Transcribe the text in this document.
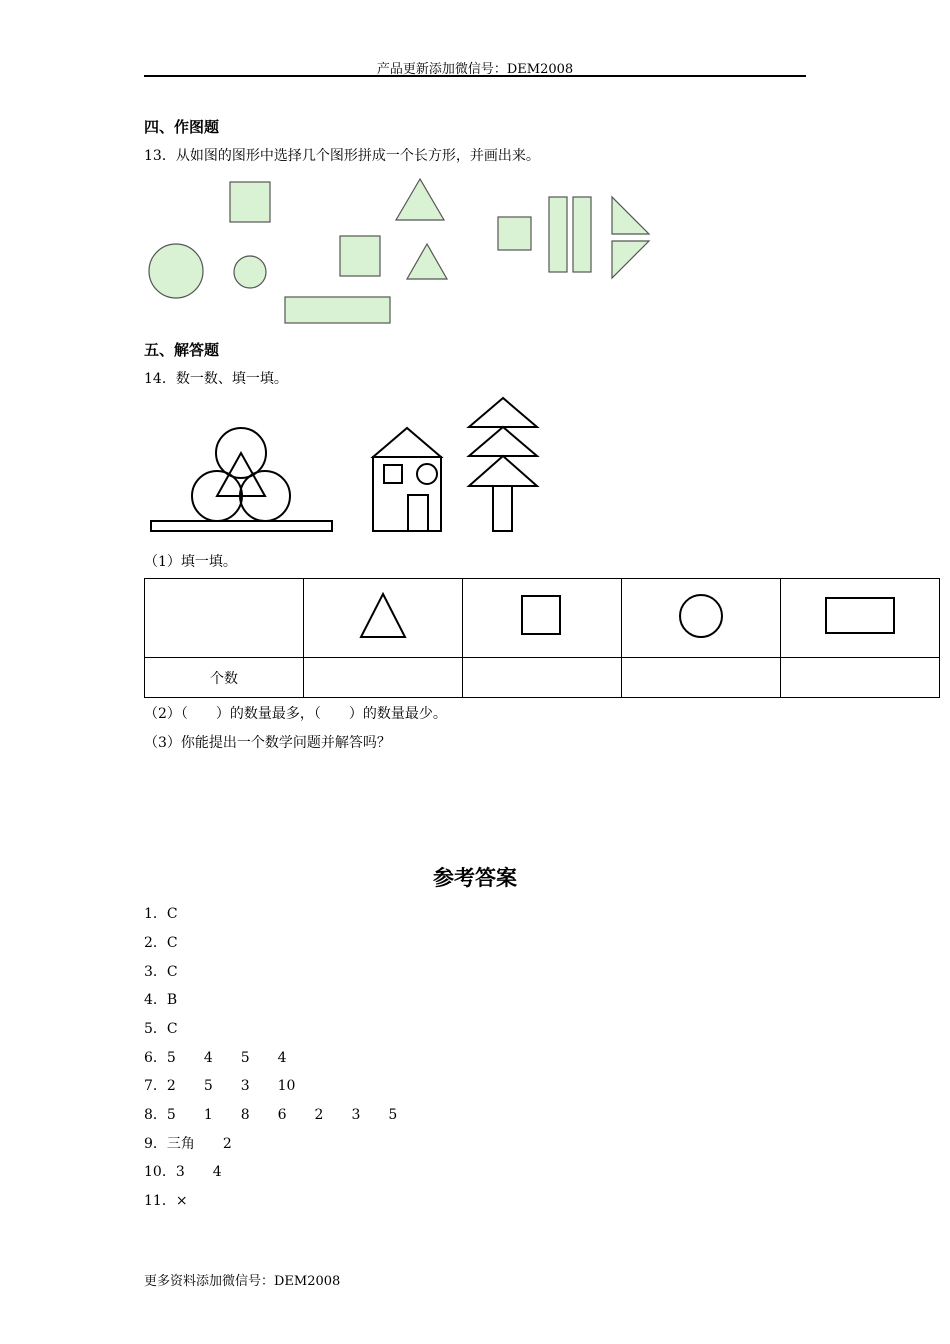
产品更新添加微信号：DEM2008
四、作图题
13．从如图的图形中选择几个图形拼成一个长方形，并画出来。
五、解答题
14．数一数、填一填。
（1）填一填。

个数				
（2）（　　）的数量最多，（　　）的数量最少。
（3）你能提出一个数学问题并解答吗？
参考答案
1．C
2．C
3．C
4．B
5．C
6．5　　4　　5　　4
7．2　　5　　3　　10
8．5　　1　　8　　6　　2　　3　　5
9．三角　　2
10．3　　4
11．×
更多资料添加微信号：DEM2008
